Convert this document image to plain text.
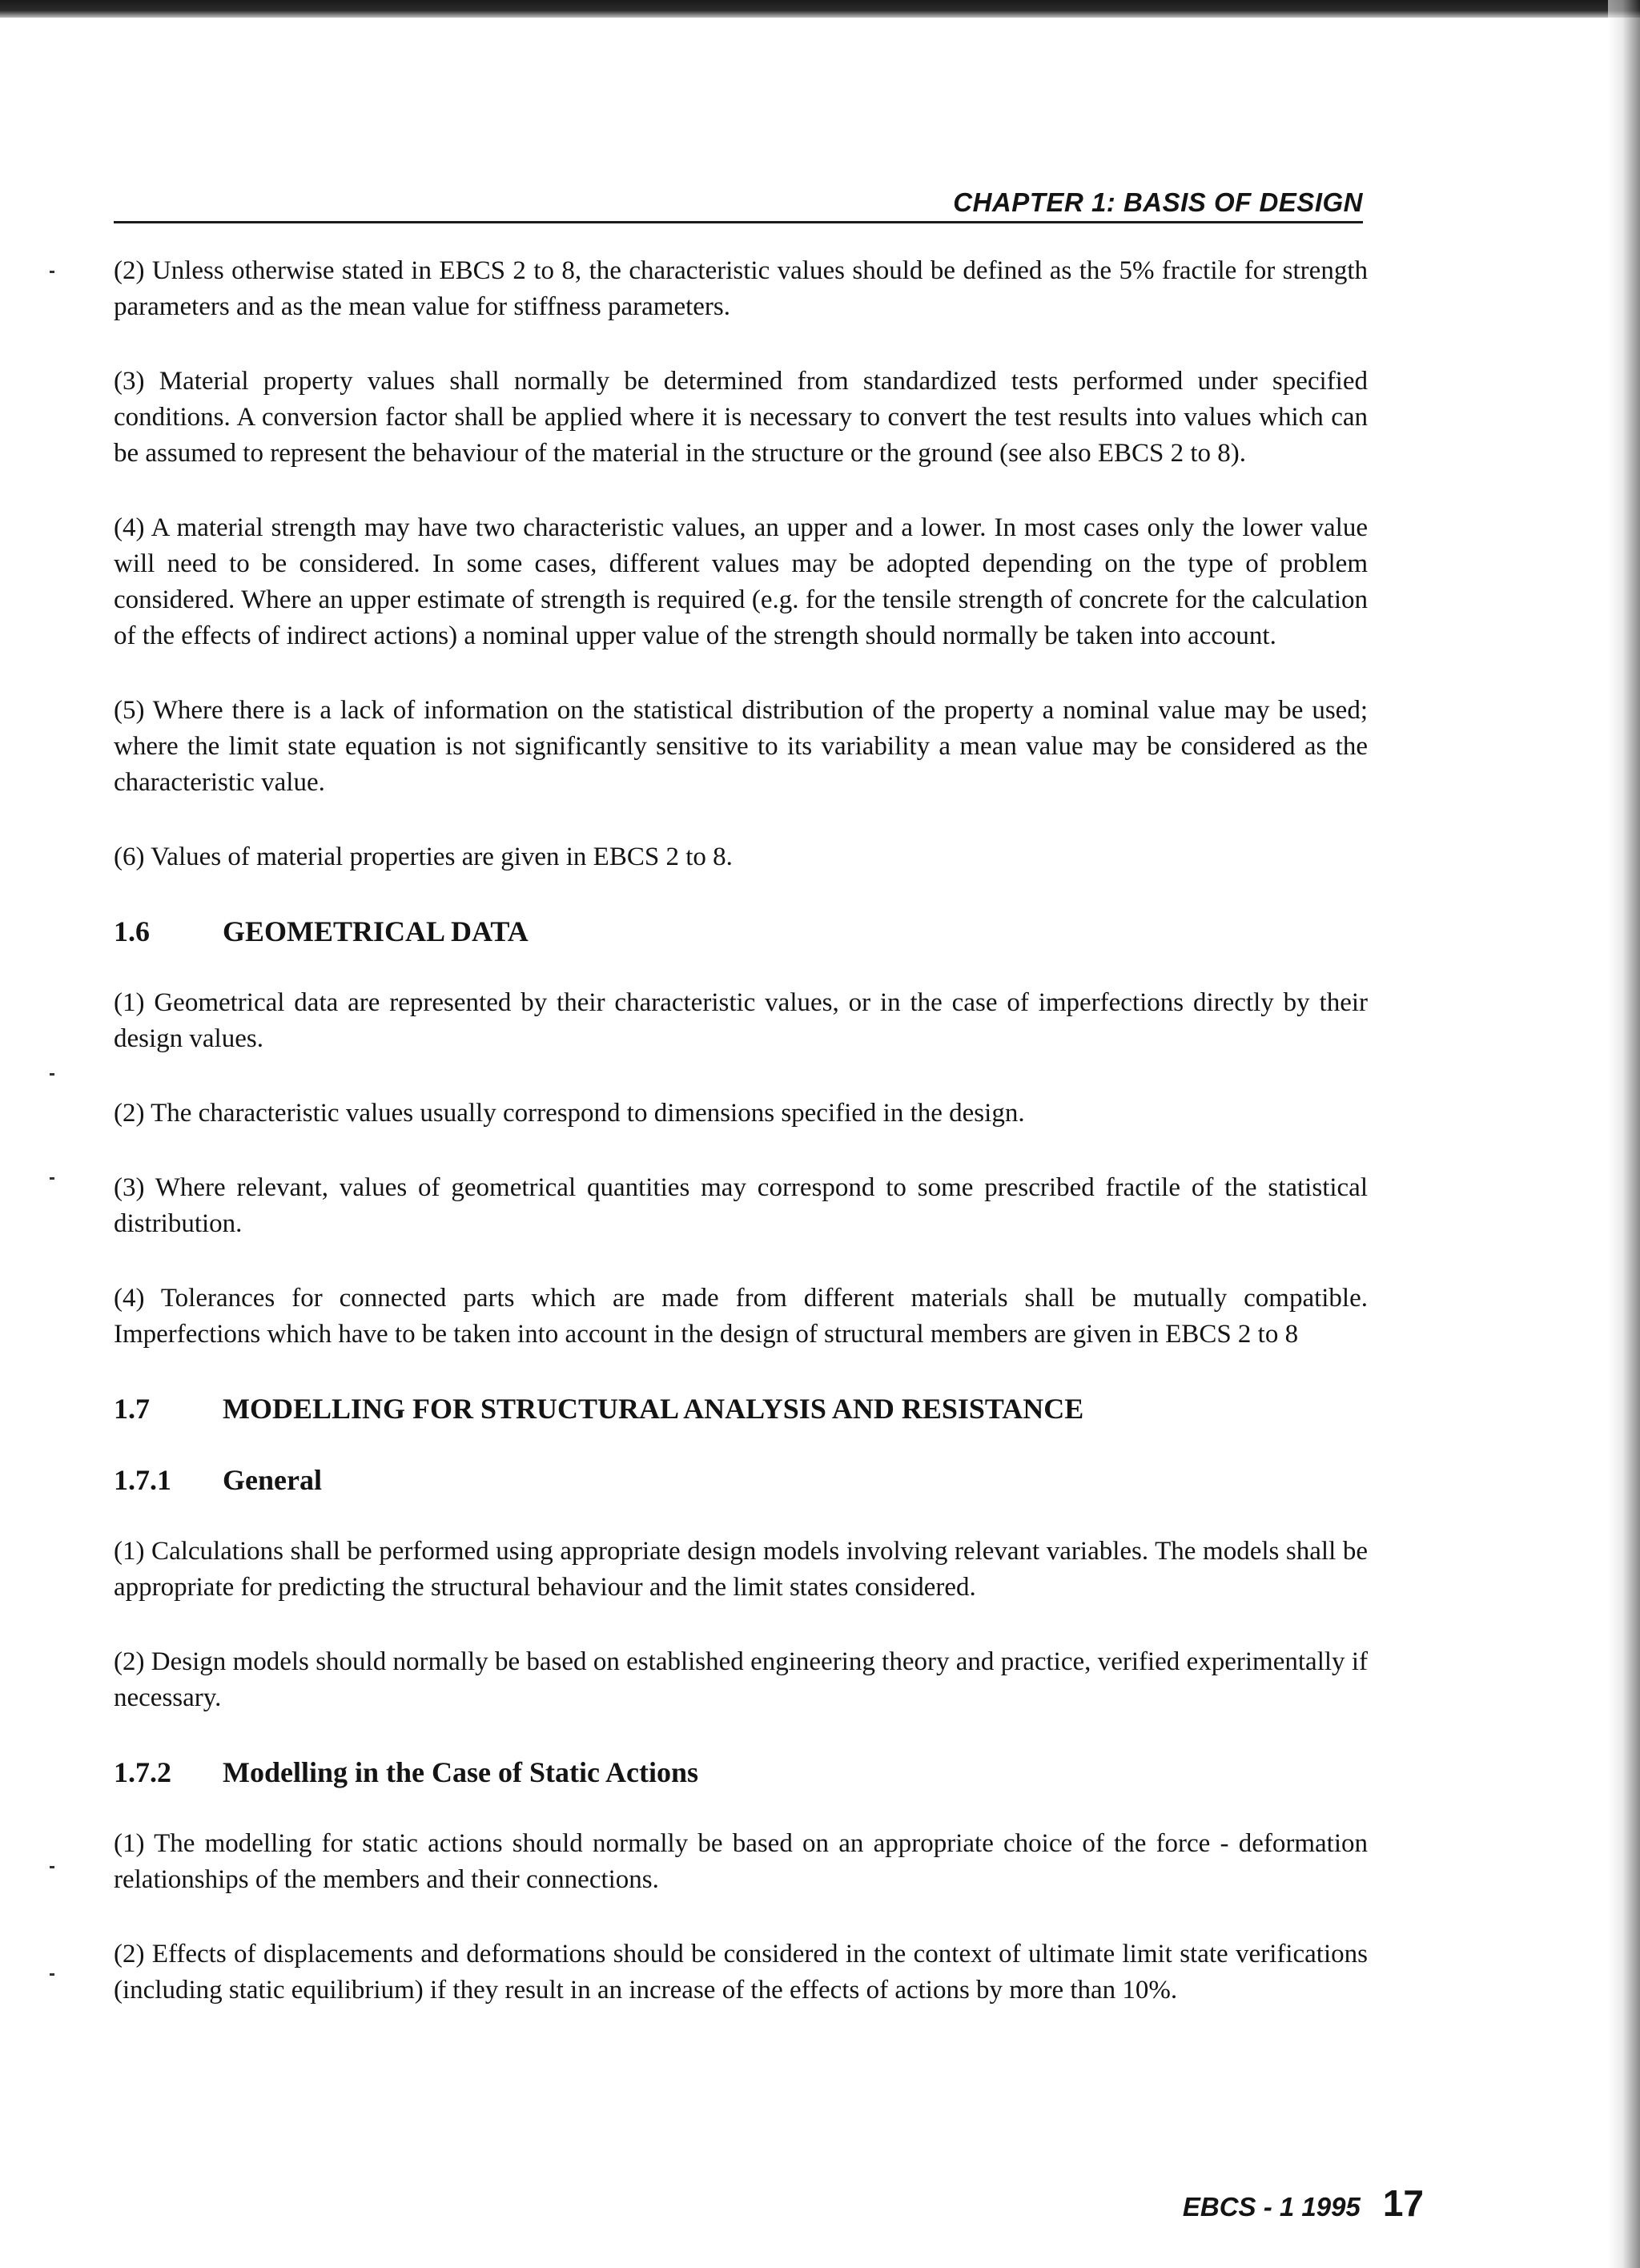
CHAPTER 1: BASIS OF DESIGN

(2) Unless otherwise stated in EBCS 2 to 8, the characteristic values should be defined as the 5% fractile for strength parameters and as the mean value for stiffness parameters.

(3) Material property values shall normally be determined from standardized tests performed under specified conditions. A conversion factor shall be applied where it is necessary to convert the test results into values which can be assumed to represent the behaviour of the material in the structure or the ground (see also EBCS 2 to 8).

(4) A material strength may have two characteristic values, an upper and a lower. In most cases only the lower value will need to be considered. In some cases, different values may be adopted depending on the type of problem considered. Where an upper estimate of strength is required (e.g. for the tensile strength of concrete for the calculation of the effects of indirect actions) a nominal upper value of the strength should normally be taken into account.

(5) Where there is a lack of information on the statistical distribution of the property a nominal value may be used; where the limit state equation is not significantly sensitive to its variability a mean value may be considered as the characteristic value.

(6) Values of material properties are given in EBCS 2 to 8.

1.6	GEOMETRICAL DATA

(1) Geometrical data are represented by their characteristic values, or in the case of imperfections directly by their design values.

(2) The characteristic values usually correspond to dimensions specified in the design.

(3) Where relevant, values of geometrical quantities may correspond to some prescribed fractile of the statistical distribution.

(4) Tolerances for connected parts which are made from different materials shall be mutually compatible. Imperfections which have to be taken into account in the design of structural members are given in EBCS 2 to 8

1.7	MODELLING FOR STRUCTURAL ANALYSIS AND RESISTANCE
1.7.1	General

(1) Calculations shall be performed using appropriate design models involving relevant variables. The models shall be appropriate for predicting the structural behaviour and the limit states considered.

(2) Design models should normally be based on established engineering theory and practice, verified experimentally if necessary.

1.7.2	Modelling in the Case of Static Actions

(1) The modelling for static actions should normally be based on an appropriate choice of the force - deformation relationships of the members and their connections.

(2) Effects of displacements and deformations should be considered in the context of ultimate limit state verifications (including static equilibrium) if they result in an increase of the effects of actions by more than 10%.

EBCS - 1 1995 17
